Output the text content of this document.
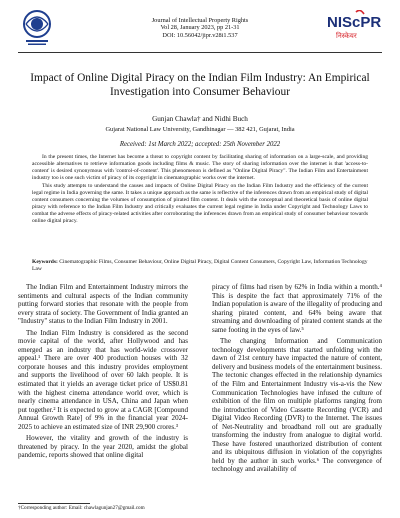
Journal of Intellectual Property Rights
Vol 28, January 2023, pp 21-31
DOI: 10.56042/jipr.v28i1.537
NIScPR
निस्केयर
Impact of Online Digital Piracy on the Indian Film Industry: An Empirical Investigation into Consumer Behaviour
Gunjan Chawla† and Nidhi Buch
Gujarat National Law University, Gandhinagar — 382 421, Gujarat, India
Received: 1st March 2022; accepted: 25th November 2022

In the present times, the Internet has become a threat to copyright content by facilitating sharing of information on a large-scale, and providing accessible alternatives to retrieve information goods including films & music. The story of sharing information over the internet is that 'access-to-content' is desired synonymous with 'control-of-content'. This phenomenon is defined as "Online Digital Piracy". The Indian Film and Entertainment industry too is one such victim of piracy of its copyright in cinematographic works over the internet.

This study attempts to understand the causes and impacts of Online Digital Piracy on the Indian Film Industry and the efficiency of the current legal regime in India governing the same. It takes a unique approach as the same is reflective of the inferences drawn from an empirical study of digital content consumers concerning the volumes of consumption of pirated film content. It deals with the conceptual and theoretical basis of online digital piracy with reference to the Indian Film Industry and critically evaluates the current legal regime in India under Copyright and Technology Laws to combat the adverse effects of piracy-related activities after corroborating the inferences drawn from an empirical study of consumer behaviour towards online digital piracy.

Keywords: Cinematographic Films, Consumer Behaviour, Online Digital Piracy, Digital Content Consumers, Copyright Law, Information Technology Law

The Indian Film and Entertainment Industry mirrors the sentiments and cultural aspects of the Indian community putting forward stories that resonate with the people from every strata of society. The Government of India granted an "Industry" status to the Indian Film Industry in 2001.

The Indian Film Industry is considered as the second movie capital of the world, after Hollywood and has emerged as an industry that has world-wide crossover appeal.¹ There are over 400 production houses with 32 corporate houses and this industry provides employment and supports the livelihood of over 60 lakh people. It is estimated that it yields an average ticket price of US$0.81 with the highest cinema attendance world over, which is nearly cinema attendance in USA, China and Japan when put together.² It is expected to grow at a CAGR [Compound Annual Growth Rate] of 9% in the financial year 2024-2025 to achieve an estimated size of INR 29,900 crores.³

However, the vitality and growth of the industry is threatened by piracy. In the year 2020, amidst the global pandemic, reports showed that online digital

piracy of films had risen by 62% in India within a month.⁴ This is despite the fact that approximately 71% of the Indian population is aware of the illegality of producing and sharing pirated content, and 64% being aware that streaming and downloading of pirated content stands at the same footing in the eyes of law.⁵

The changing Information and Communication technology developments that started unfolding with the dawn of 21st century have impacted the nature of content, delivery and business models of the entertainment business. The tectonic changes effected in the relationship dynamics of the Film and Entertainment Industry vis-a-vis the New Communication Technologies have infused the culture of exhibition of the film on multiple platforms ranging from the introduction of Video Cassette Recording (VCR) and Digital Video Recording (DVR) to the Internet. The issues of Net-Neutrality and broadband roll out are gradually transforming the industry from analogue to digital world. These have fostered unauthorized distribution of content and its ubiquitous diffusion in violation of the copyrights held by the author in such works.⁶ The convergence of technology and availability of

†Corresponding author: Email: chawlagunjan27@gmail.com
